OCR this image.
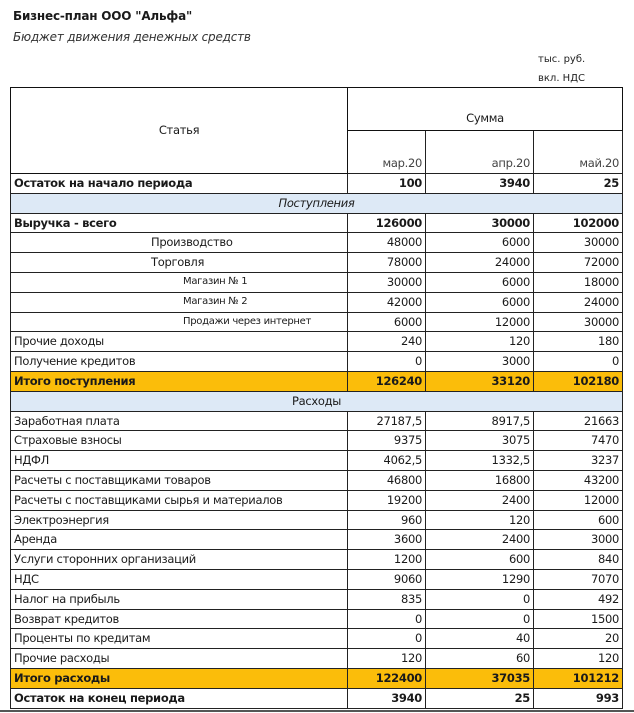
Бизнес-план ООО "Альфа"
Бюджет движения денежных средств
тыс. руб.
вкл. НДС
Статья	Сумма		
	мар.20	апр.20	май.20
Остаток на начало периода	100	3940	25
Поступления			
Выручка - всего	126000	30000	102000
Производство	48000	6000	30000
Торговля	78000	24000	72000
Магазин № 1	30000	6000	18000
Магазин № 2	42000	6000	24000
Продажи через интернет	6000	12000	30000
Прочие доходы	240	120	180
Получение кредитов	0	3000	0
Итого поступления	126240	33120	102180
Расходы			
Заработная плата	27187,5	8917,5	21663
Страховые взносы	9375	3075	7470
НДФЛ	4062,5	1332,5	3237
Расчеты с поставщиками товаров	46800	16800	43200
Расчеты с поставщиками сырья и материалов	19200	2400	12000
Электроэнергия	960	120	600
Аренда	3600	2400	3000
Услуги сторонних организаций	1200	600	840
НДС	9060	1290	7070
Налог на прибыль	835	0	492
Возврат кредитов	0	0	1500
Проценты по кредитам	0	40	20
Прочие расходы	120	60	120
Итого расходы	122400	37035	101212
Остаток на конец периода	3940	25	993
